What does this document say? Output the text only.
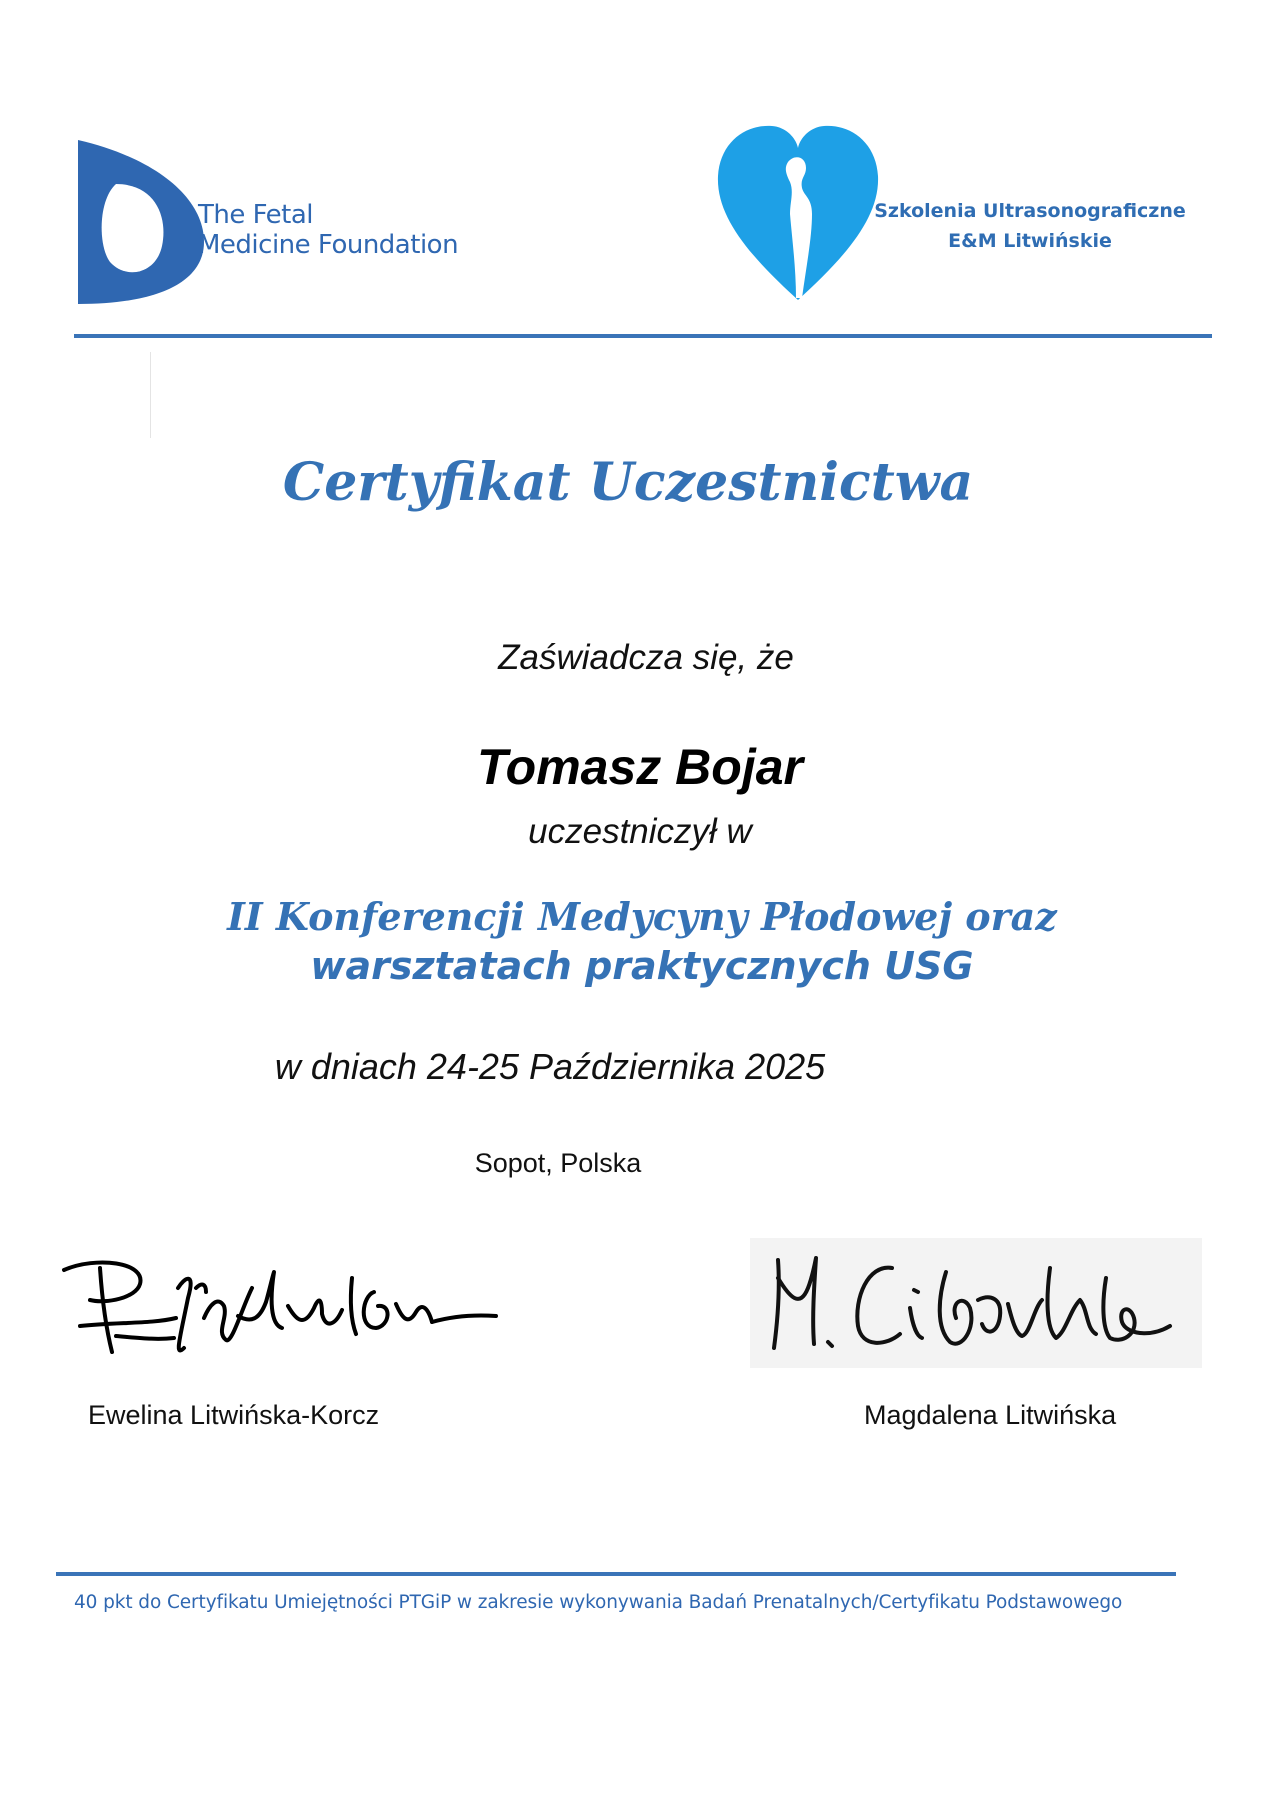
The Fetal
Medicine Foundation
Szkolenia Ultrasonograficzne
E&M Litwińskie
Certyfikat Uczestnictwa
Zaświadcza się, że
Tomasz Bojar
uczestniczył w
II Konferencji Medycyny Płodowej oraz
warsztatach praktycznych USG
w dniach 24-25 Października 2025
Sopot, Polska
Ewelina Litwińska-Korcz	Magdalena Litwińska
40 pkt do Certyfikatu Umiejętności PTGiP w zakresie wykonywania Badań Prenatalnych/Certyfikatu Podstawowego
